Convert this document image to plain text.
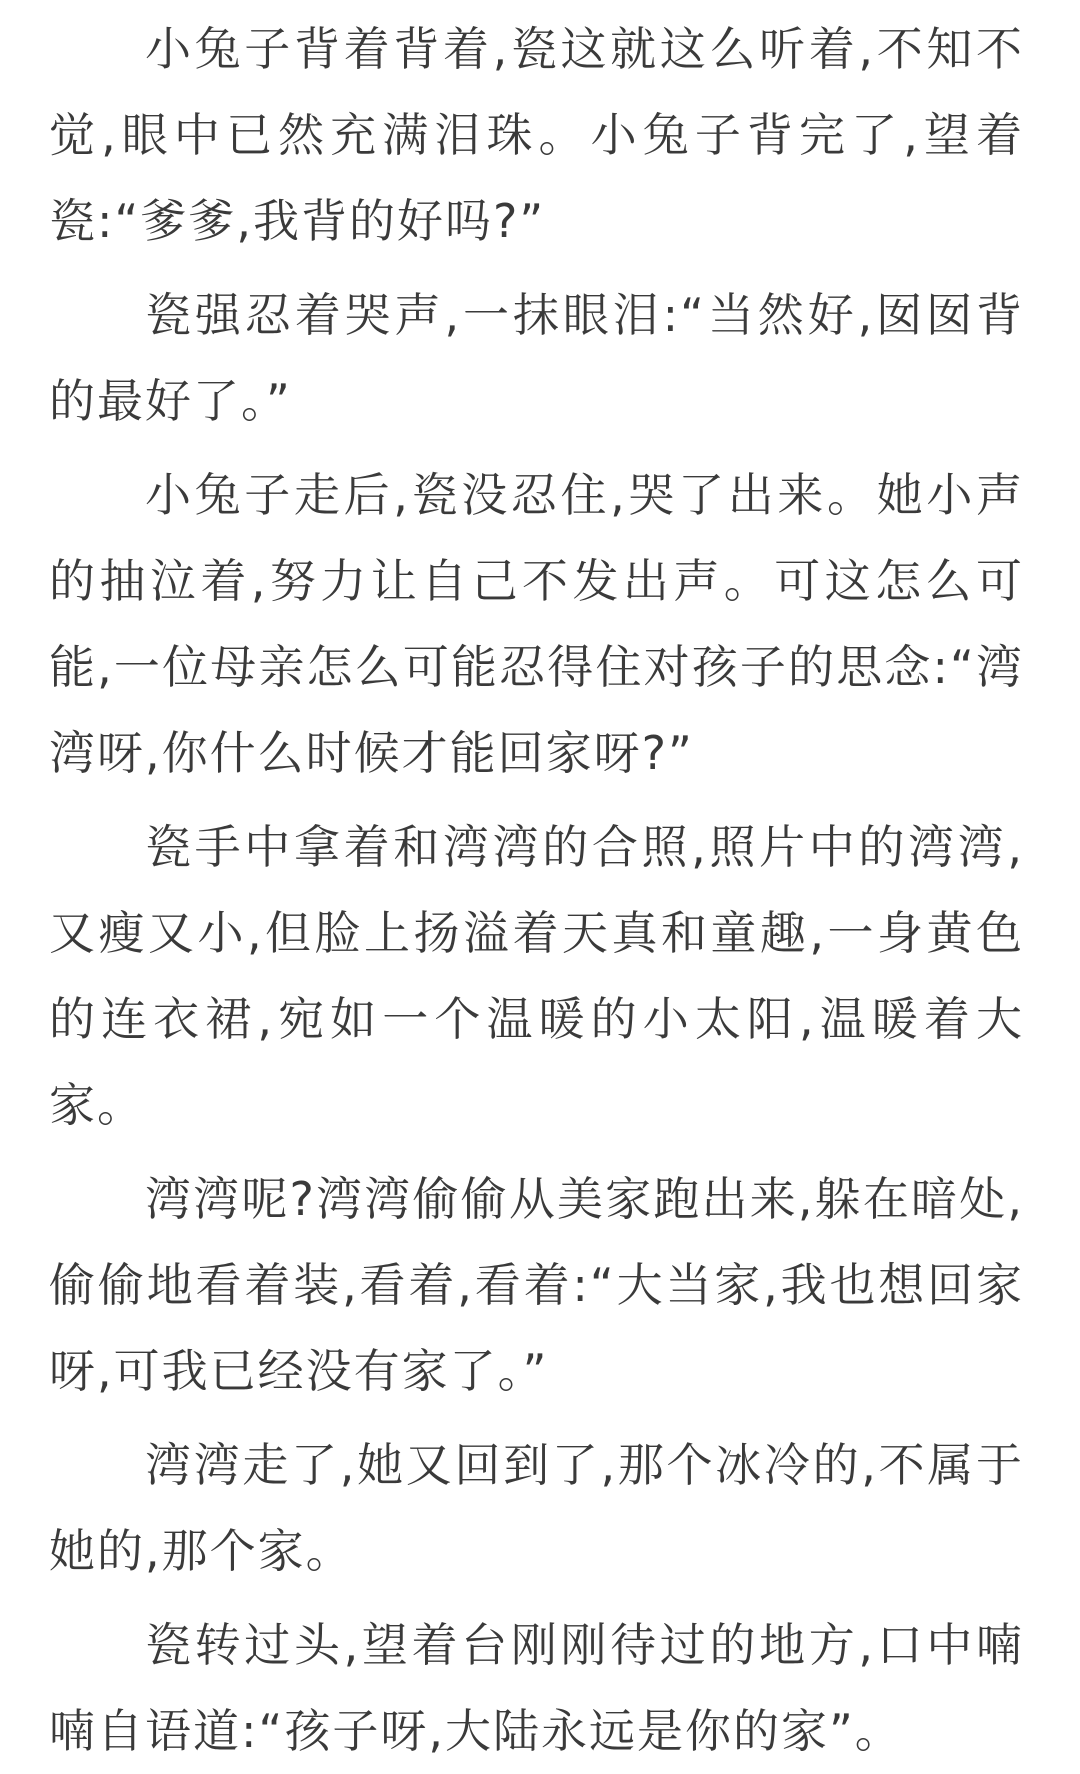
小兔子背着背着,瓷这就这么听着,不知不觉,眼中已然充满泪珠。小兔子背完了,望着瓷:“爹爹,我背的好吗?”

瓷强忍着哭声,一抹眼泪:“当然好,囡囡背的最好了。”

小兔子走后,瓷没忍住,哭了出来。她小声的抽泣着,努力让自己不发出声。可这怎么可能,一位母亲怎么可能忍得住对孩子的思念:“湾湾呀,你什么时候才能回家呀?”

瓷手中拿着和湾湾的合照,照片中的湾湾,又瘦又小,但脸上扬溢着天真和童趣,一身黄色的连衣裙,宛如一个温暖的小太阳,温暖着大家。

湾湾呢?湾湾偷偷从美家跑出来,躲在暗处,偷偷地看着装,看着,看着:“大当家,我也想回家呀,可我已经没有家了。”

湾湾走了,她又回到了,那个冰冷的,不属于她的,那个家。

瓷转过头,望着台刚刚待过的地方,口中喃喃自语道:“孩子呀,大陆永远是你的家”。
